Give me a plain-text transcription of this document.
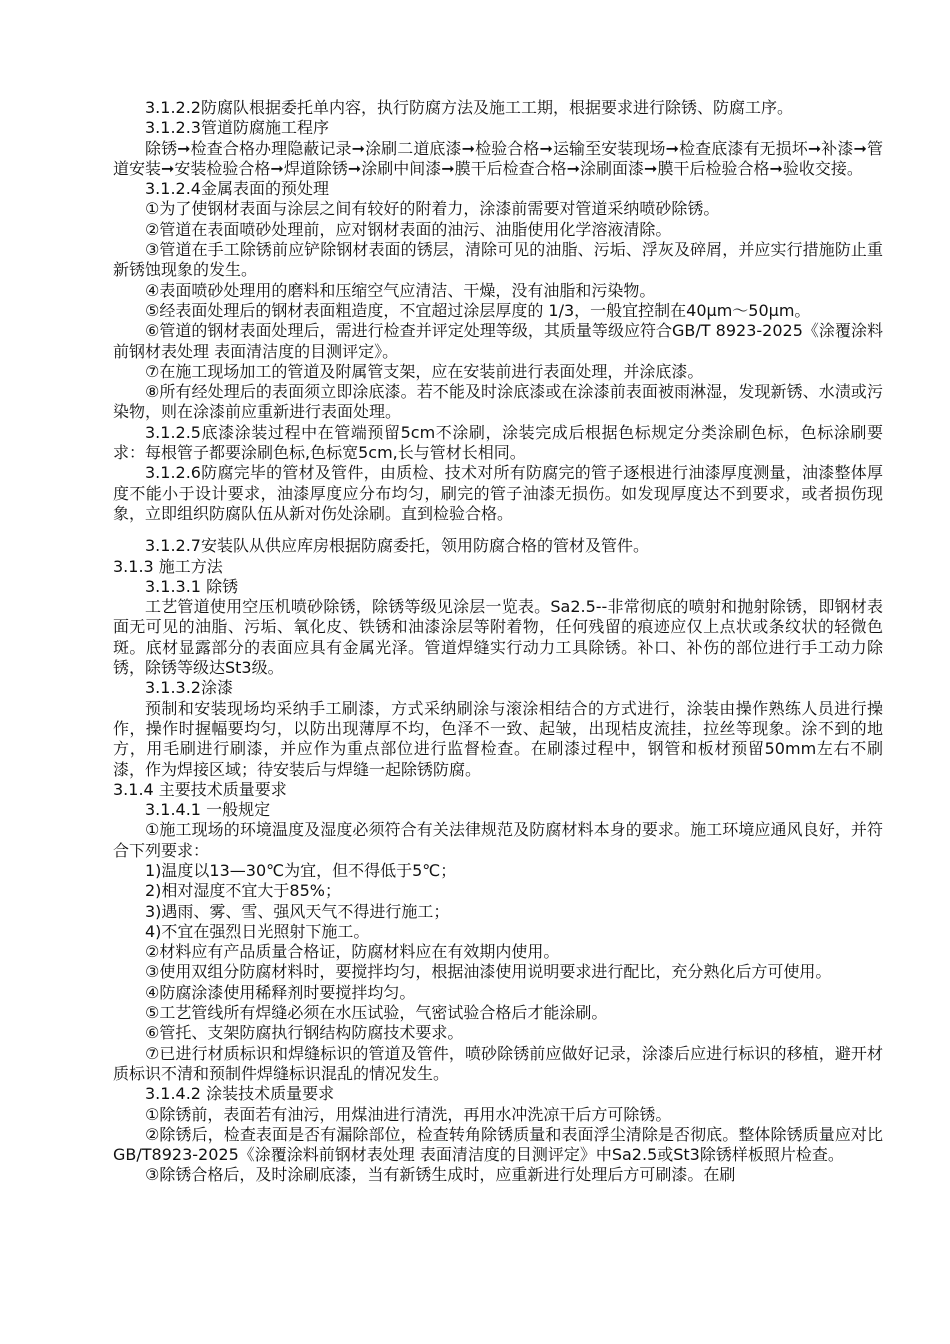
3.1.2.2防腐队根据委托单内容，执行防腐方法及施工工期，根据要求进行除锈、防腐工序。

3.1.2.3管道防腐施工程序

除锈➞检查合格办理隐蔽记录➞涂刷二道底漆➞检验合格➞运输至安装现场➞检查底漆有无损坏➞补漆➞管道安装➞安装检验合格➞焊道除锈➞涂刷中间漆➞膜干后检查合格➞涂刷面漆➞膜干后检验合格➞验收交接。

3.1.2.4金属表面的预处理

①为了使钢材表面与涂层之间有较好的附着力，涂漆前需要对管道采纳喷砂除锈。

②管道在表面喷砂处理前，应对钢材表面的油污、油脂使用化学溶液清除。

③管道在手工除锈前应铲除钢材表面的锈层，清除可见的油脂、污垢、浮灰及碎屑，并应实行措施防止重新锈蚀现象的发生。

④表面喷砂处理用的磨料和压缩空气应清洁、干燥，没有油脂和污染物。

⑤经表面处理后的钢材表面粗造度，不宜超过涂层厚度的 1/3，一般宜控制在40μm～50μm。

⑥管道的钢材表面处理后，需进行检查并评定处理等级，其质量等级应符合GB/T 8923-2025《涂覆涂料前钢材表处理 表面清洁度的目测评定》。

⑦在施工现场加工的管道及附属管支架，应在安装前进行表面处理，并涂底漆。

⑧所有经处理后的表面须立即涂底漆。若不能及时涂底漆或在涂漆前表面被雨淋湿，发现新锈、水渍或污染物，则在涂漆前应重新进行表面处理。

3.1.2.5底漆涂装过程中在管端预留5cm不涂刷，涂装完成后根据色标规定分类涂刷色标，色标涂刷要求：每根管子都要涂刷色标,色标宽5cm,长与管材长相同。

3.1.2.6防腐完毕的管材及管件，由质检、技术对所有防腐完的管子逐根进行油漆厚度测量，油漆整体厚度不能小于设计要求，油漆厚度应分布均匀，刷完的管子油漆无损伤。如发现厚度达不到要求，或者损伤现象，立即组织防腐队伍从新对伤处涂刷。直到检验合格。

3.1.2.7安装队从供应库房根据防腐委托，领用防腐合格的管材及管件。

3.1.3 施工方法

3.1.3.1 除锈

工艺管道使用空压机喷砂除锈，除锈等级见涂层一览表。Sa2.5--非常彻底的喷射和抛射除锈，即钢材表面无可见的油脂、污垢、氧化皮、铁锈和油漆涂层等附着物，任何残留的痕迹应仅上点状或条纹状的轻微色斑。底材显露部分的表面应具有金属光泽。管道焊缝实行动力工具除锈。补口、补伤的部位进行手工动力除锈，除锈等级达St3级。

3.1.3.2涂漆

预制和安装现场均采纳手工刷漆，方式采纳刷涂与滚涂相结合的方式进行，涂装由操作熟练人员进行操作，操作时握幅要均匀，以防出现薄厚不均，色泽不一致、起皱，出现桔皮流挂，拉丝等现象。涂不到的地方，用毛刷进行刷漆，并应作为重点部位进行监督检查。在刷漆过程中，钢管和板材预留50mm左右不刷漆，作为焊接区域；待安装后与焊缝一起除锈防腐。

3.1.4 主要技术质量要求

3.1.4.1 一般规定

①施工现场的环境温度及湿度必须符合有关法律规范及防腐材料本身的要求。施工环境应通风良好，并符合下列要求：

1)温度以13—30℃为宜，但不得低于5℃；

2)相对湿度不宜大于85%；

3)遇雨、雾、雪、强风天气不得进行施工；

4)不宜在强烈日光照射下施工。

②材料应有产品质量合格证，防腐材料应在有效期内使用。

③使用双组分防腐材料时，要搅拌均匀，根据油漆使用说明要求进行配比，充分熟化后方可使用。

④防腐涂漆使用稀释剂时要搅拌均匀。

⑤工艺管线所有焊缝必须在水压试验，气密试验合格后才能涂刷。

⑥管托、支架防腐执行钢结构防腐技术要求。

⑦已进行材质标识和焊缝标识的管道及管件，喷砂除锈前应做好记录，涂漆后应进行标识的移植，避开材质标识不清和预制件焊缝标识混乱的情况发生。

3.1.4.2 涂装技术质量要求

①除锈前，表面若有油污，用煤油进行清洗，再用水冲洗凉干后方可除锈。

②除锈后，检查表面是否有漏除部位，检查转角除锈质量和表面浮尘清除是否彻底。整体除锈质量应对比GB/T8923-2025《涂覆涂料前钢材表处理 表面清洁度的目测评定》中Sa2.5或St3除锈样板照片检查。

③除锈合格后，及时涂刷底漆，当有新锈生成时，应重新进行处理后方可刷漆。在刷
